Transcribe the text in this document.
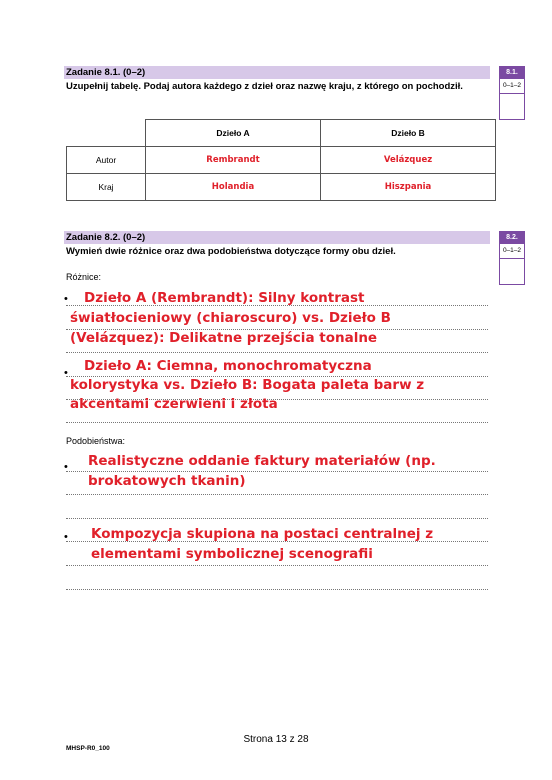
Zadanie 8.1. (0–2)
Uzupełnij tabelę. Podaj autora każdego z dzieł oraz nazwę kraju, z którego on pochodził.
8.1.
0–1–2
	Dzieło A	Dzieło B
Autor	Rembrandt	Velázquez
Kraj	Holandia	Hiszpania
Zadanie 8.2. (0–2)
Wymień dwie różnice oraz dwa podobieństwa dotyczące formy obu dzieł.
8.2.
0–1–2
Różnice:
• Dzieło A (Rembrandt): Silny kontrast
światłocieniowy (chiaroscuro) vs. Dzieło B
(Velázquez): Delikatne przejścia tonalne
• Dzieło A: Ciemna, monochromatyczna
kolorystyka vs. Dzieło B: Bogata paleta barw z
akcentami czerwieni i złota
Podobieństwa:
• Realistyczne oddanie faktury materiałów (np.
brokatowych tkanin)
• Kompozycja skupiona na postaci centralnej z
elementami symbolicznej scenografii
Strona 13 z 28
MHSP-R0_100
